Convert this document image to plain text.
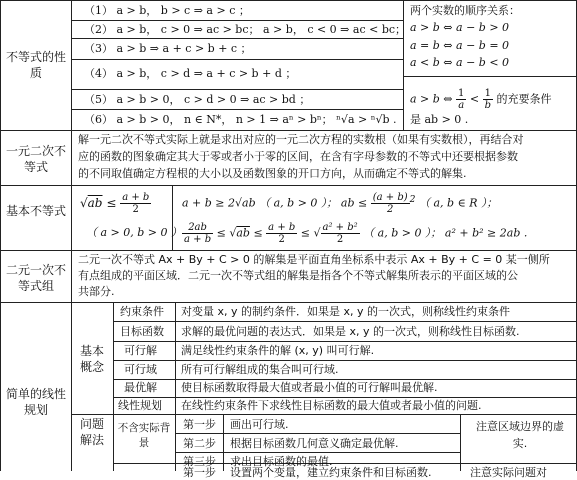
不等式的性质
（1） a > b， b > c ⇒ a > c ；
（2） a > b， c > 0 ⇒ ac > bc； a > b， c < 0 ⇒ ac < bc；
（3） a > b ⇒ a + c > b + c ；
（4） a > b， c > d ⇒ a + c > b + d ；
（5） a > b > 0， c > d > 0 ⇒ ac > bd ；
（6） a > b > 0， n ∈ N*， n > 1 ⇒ aⁿ > bⁿ； ⁿ√a > ⁿ√b .
两个实数的顺序关系：
a > b ⇔ a − b > 0
a = b ⇔ a − b = 0
a < b ⇔ a − b < 0
a > b ⇔ $\frac{1}{a} < \frac{1}{b}$ 的充要条件
是 ab > 0 .
一元二次不等式
解一元二次不等式实际上就是求出对应的一元二次方程的实数根（如果有实数根），再结合对
应的函数的图象确定其大于零或者小于零的区间，在含有字母参数的不等式中还要根据参数
的不同取值确定方程根的大小以及函数图象的开口方向，从而确定不等式的解集.
基本不等式
$√ab \le \frac{a + b}{2}$
（ a > 0, b > 0 ）
a + b ≥ 2√ab （ a, b > 0 ）； ab ≤ $\frac{(a + b)}{2} ^2$ （ a, b ∈ R ）；
$\frac{2ab}{a + b} \le √ab \le \frac{a + b}{2}$ ≤ √ $\frac{\text{a² + b²}}{2}$ （ a, b > 0 ）； a² + b² ≥ 2ab .
二元一次不等式组
二元一次不等式 Ax + By + C > 0 的解集是平面直角坐标系中表示 Ax + By + C = 0 某一侧所
有点组成的平面区域．二元一次不等式组的解集是指各个不等式解集所表示的平面区域的公
共部分.
简单的线性规划
基本概念
约束条件 对变量 x, y 的制约条件．如果是 x, y 的一次式，则称线性约束条件
目标函数 求解的最优问题的表达式．如果是 x, y 的一次式，则称线性目标函数.
可行解 满足线性约束条件的解 (x, y) 叫可行解.
可行域 所有可行解组成的集合叫可行域.
最优解 使目标函数取得最大值或者最小值的可行解叫最优解.
线性规划 在线性约束条件下求线性目标函数的最大值或者最小值的问题.
问题解法
不含实际背景
第一步 画出可行域.
第二步 根据目标函数几何意义确定最优解.
第三步 求出目标函数的最值.
第一步 设置两个变量，建立约束条件和目标函数.
注意区域边界的虚实.
注意实际问题对
